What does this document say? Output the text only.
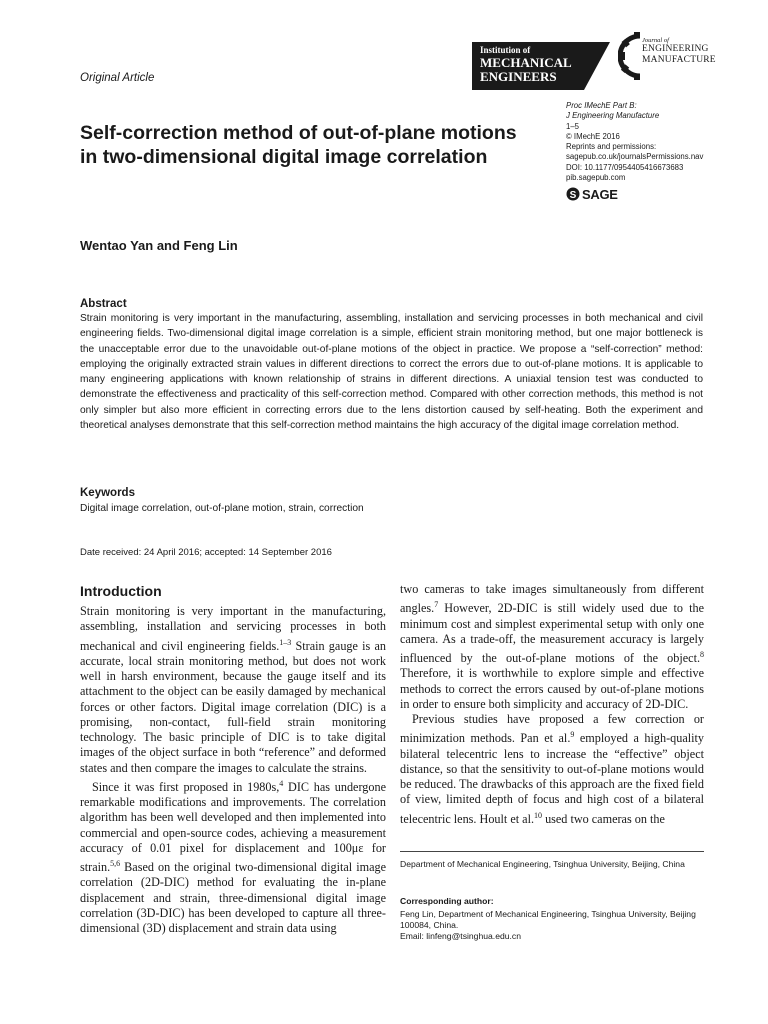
Original Article
Institution of
MECHANICAL
ENGINEERS
Journal of
ENGINEERING
MANUFACTURE
Proc IMechE Part B:
J Engineering Manufacture
1–5
© IMechE 2016
Reprints and permissions:
sagepub.co.uk/journalsPermissions.nav
DOI: 10.1177/0954405416673683
pib.sagepub.com
S SAGE
Self-correction method of out-of-plane motions in two-dimensional digital image correlation
Wentao Yan and Feng Lin
Abstract
Strain monitoring is very important in the manufacturing, assembling, installation and servicing processes in both mechanical and civil engineering fields. Two-dimensional digital image correlation is a simple, efficient strain monitoring method, but one major bottleneck is the unacceptable error due to the unavoidable out-of-plane motions of the object in practice. We propose a “self-correction” method: employing the originally extracted strain values in different directions to correct the errors due to out-of-plane motions. It is applicable to many engineering applications with known relationship of strains in different directions. A uniaxial tension test was conducted to demonstrate the effectiveness and practicality of this self-correction method. Compared with other correction methods, this method is not only simpler but also more efficient in correcting errors due to the lens distortion caused by self-heating. Both the experiment and theoretical analyses demonstrate that this self-correction method maintains the high accuracy of the digital image correlation method.
Keywords
Digital image correlation, out-of-plane motion, strain, correction
Date received: 24 April 2016; accepted: 14 September 2016
Introduction

Strain monitoring is very important in the manufacturing, assembling, installation and servicing processes in both mechanical and civil engineering fields.$^{1-3}$ Strain gauge is an accurate, local strain monitoring method, but does not work well in harsh environment, because the gauge itself and its attachment to the object can be easily damaged by mechanical forces or other factors. Digital image correlation (DIC) is a promising, non-contact, full-field strain monitoring technology. The basic principle of DIC is to take digital images of the object surface in both “reference” and deformed states and then compare the images to calculate the strains.

Since it was first proposed in 1980s,$^4$ DIC has undergone remarkable modifications and improvements. The correlation algorithm has been well developed and then implemented into commercial and open-source codes, achieving a measurement accuracy of 0.01 pixel for displacement and 100με for strain.$^{5,6}$ Based on the original two-dimensional digital image correlation (2D-DIC) method for evaluating the in-plane displacement and strain, three-dimensional digital image correlation (3D-DIC) has been developed to capture all three-dimensional (3D) displacement and strain data using

two cameras to take images simultaneously from different angles.$^7$ However, 2D-DIC is still widely used due to the minimum cost and simplest experimental setup with only one camera. As a trade-off, the measurement accuracy is largely influenced by the out-of-plane motions of the object.$^8$ Therefore, it is worthwhile to explore simple and effective methods to correct the errors caused by out-of-plane motions in order to ensure both simplicity and accuracy of 2D-DIC.

Previous studies have proposed a few correction or minimization methods. Pan et al.$^9$ employed a high-quality bilateral telecentric lens to increase the “effective” object distance, so that the sensitivity to out-of-plane motions would be reduced. The drawbacks of this approach are the fixed field of view, limited depth of focus and high cost of a bilateral telecentric lens. Hoult et al.$^{10}$ used two cameras on the

Department of Mechanical Engineering, Tsinghua University, Beijing, China
Corresponding author:
Feng Lin, Department of Mechanical Engineering, Tsinghua University, Beijing 100084, China.
Email: linfeng@tsinghua.edu.cn
